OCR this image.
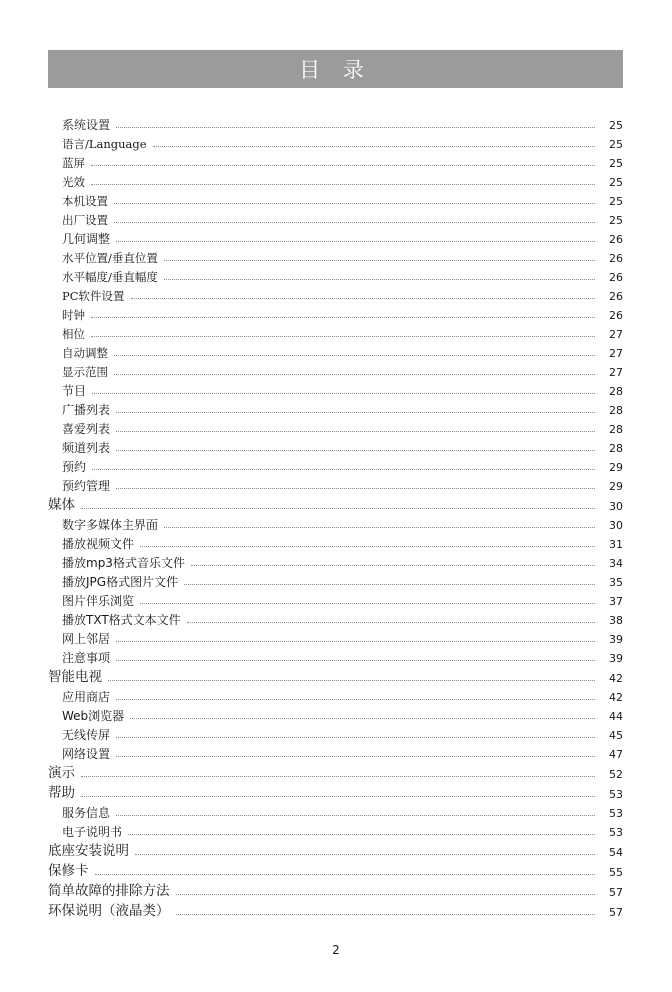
目 录
系统设置	25
语言/Language	25
蓝屏	25
光效	25
本机设置	25
出厂设置	25
几何调整	26
水平位置/垂直位置	26
水平幅度/垂直幅度	26
PC软件设置	26
时钟	26
相位	27
自动调整	27
显示范围	27
节目	28
广播列表	28
喜爱列表	28
频道列表	28
预约	29
预约管理	29
媒体	30
数字多媒体主界面	30
播放视频文件	31
播放mp3格式音乐文件	34
播放JPG格式图片文件	35
图片伴乐浏览	37
播放TXT格式文本文件	38
网上邻居	39
注意事项	39
智能电视	42
应用商店	42
Web浏览器	44
无线传屏	45
网络设置	47
演示	52
帮助	53
服务信息	53
电子说明书	53
底座安装说明	54
保修卡	55
简单故障的排除方法	57
环保说明（液晶类）	57
2
